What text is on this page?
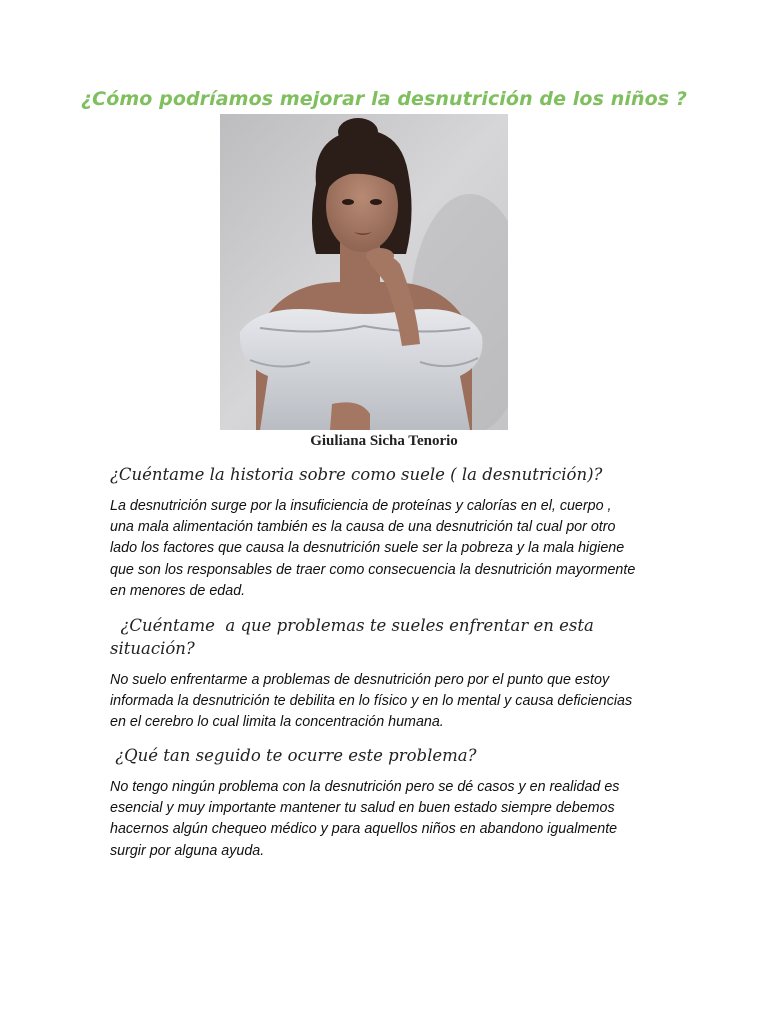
¿Cómo podríamos mejorar la desnutrición de los niños ?
Giuliana Sicha Tenorio

¿Cuéntame la historia sobre como suele ( la desnutrición)?

La desnutrición surge por la insuficiencia de proteínas y calorías en el, cuerpo ,
una mala alimentación también es la causa de una desnutrición tal cual por otro
lado los factores que causa la desnutrición suele ser la pobreza y la mala higiene
que son los responsables de traer como consecuencia la desnutrición mayormente
en menores de edad.

¿Cuéntame  a que problemas te sueles enfrentar en esta situación?

No suelo enfrentarme a problemas de desnutrición pero por el punto que estoy
informada la desnutrición te debilita en lo físico y en lo mental y causa deficiencias
en el cerebro lo cual limita la concentración humana.

¿Qué tan seguido te ocurre este problema?

No tengo ningún problema con la desnutrición pero se dé casos y en realidad es
esencial y muy importante mantener tu salud en buen estado siempre debemos
hacernos algún chequeo médico y para aquellos niños en abandono igualmente
surgir por alguna ayuda.
